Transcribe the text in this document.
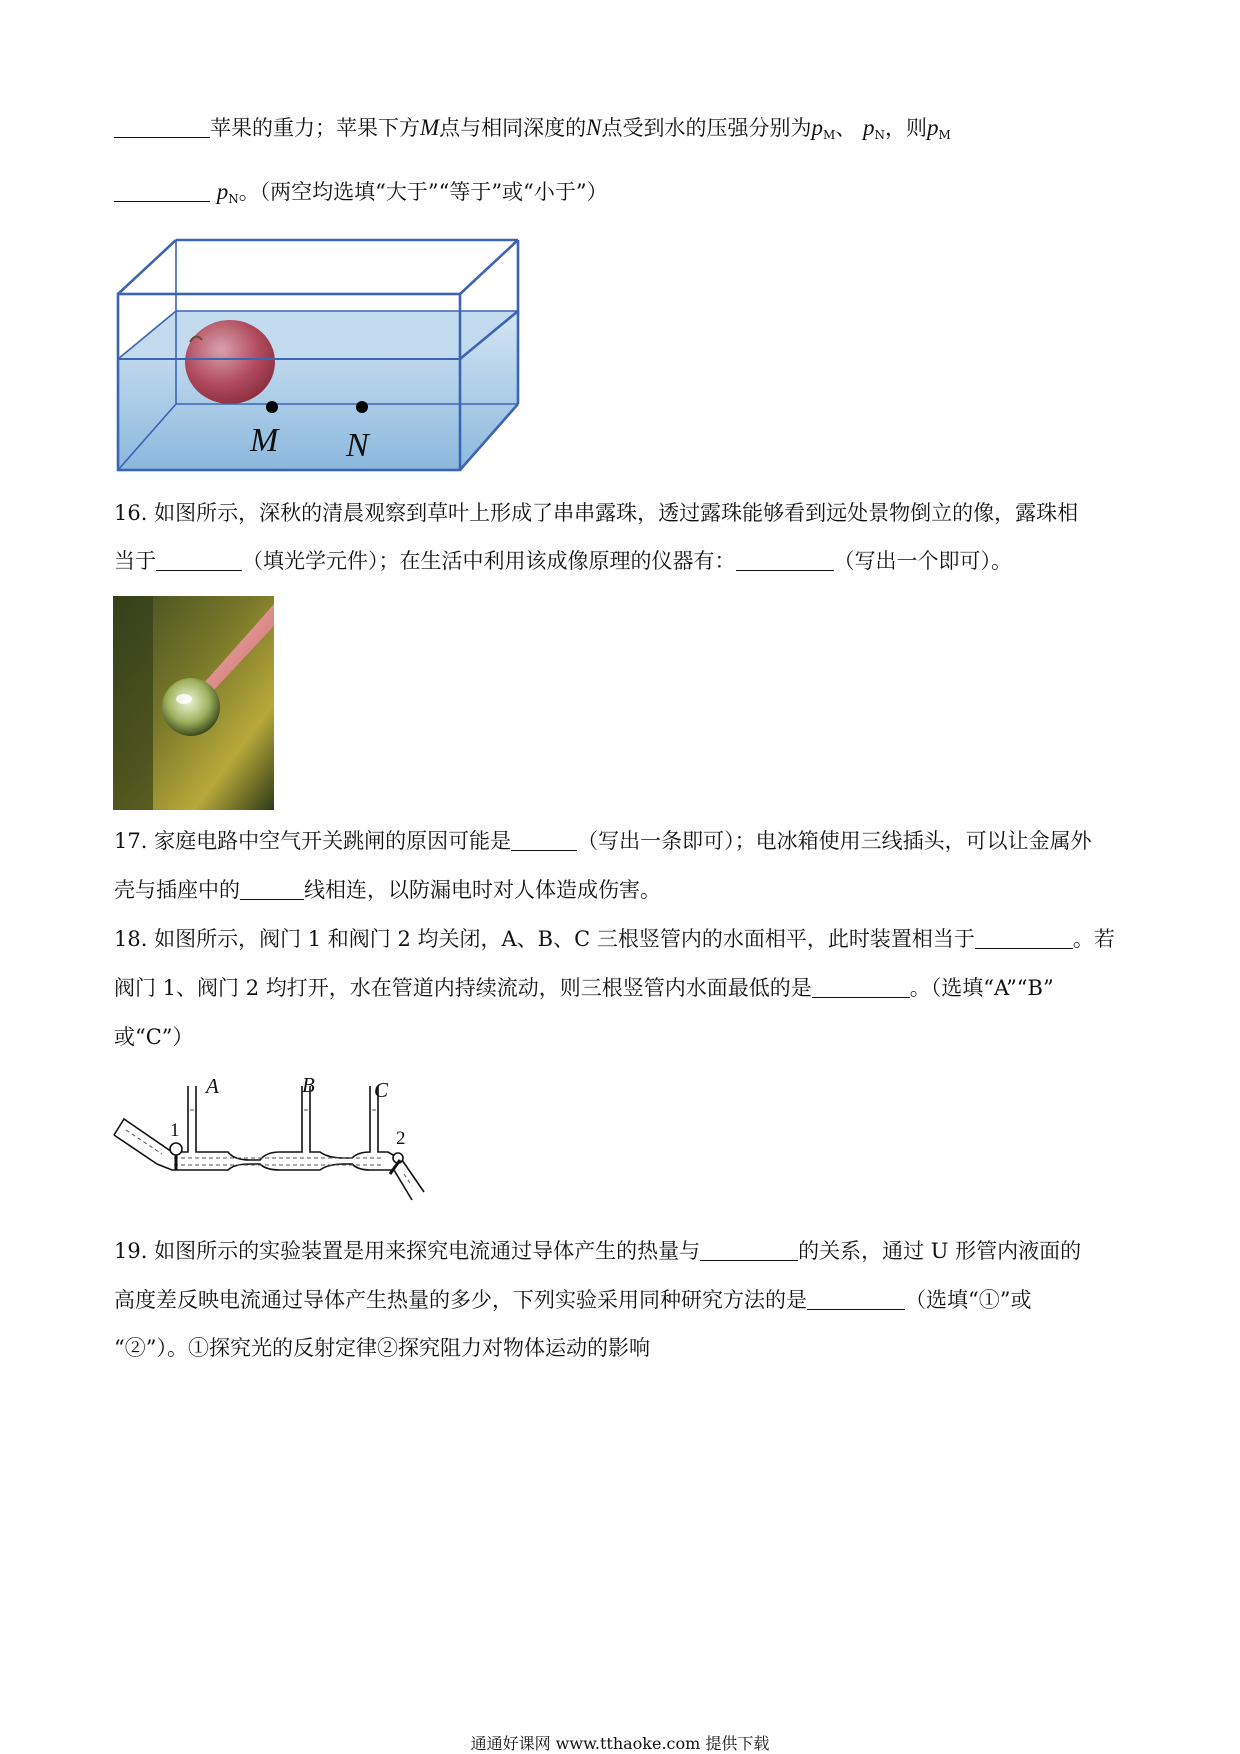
苹果的重力；苹果下方M点与相同深度的N点受到水的压强分别为$p_M$、 $p_N$，则$p_M$
$p_N$。（两空均选填“大于”“等于”或“小于”）
M N
16. 如图所示，深秋的清晨观察到草叶上形成了串串露珠，透过露珠能够看到远处景物倒立的像，露珠相
当于	（填光学元件）；在生活中利用该成像原理的仪器有：	（写出一个即可）。
17. 家庭电路中空气开关跳闸的原因可能是	（写出一条即可）；电冰箱使用三线插头，可以让金属外
壳与插座中的	线相连，以防漏电时对人体造成伤害。
18. 如图所示，阀门 1 和阀门 2 均关闭，A、B、C 三根竖管内的水面相平，此时装置相当于	。若
阀门 1、阀门 2 均打开，水在管道内持续流动，则三根竖管内水面最低的是	。（选填“A”“B”
或“C”）
1	2
A	B	C
19. 如图所示的实验装置是用来探究电流通过导体产生的热量与	的关系，通过 U 形管内液面的
高度差反映电流通过导体产生热量的多少，下列实验采用同种研究方法的是	（选填“①”或
“②”）。①探究光的反射定律②探究阻力对物体运动的影响
通通好课网 www.tthaoke.com 提供下载
